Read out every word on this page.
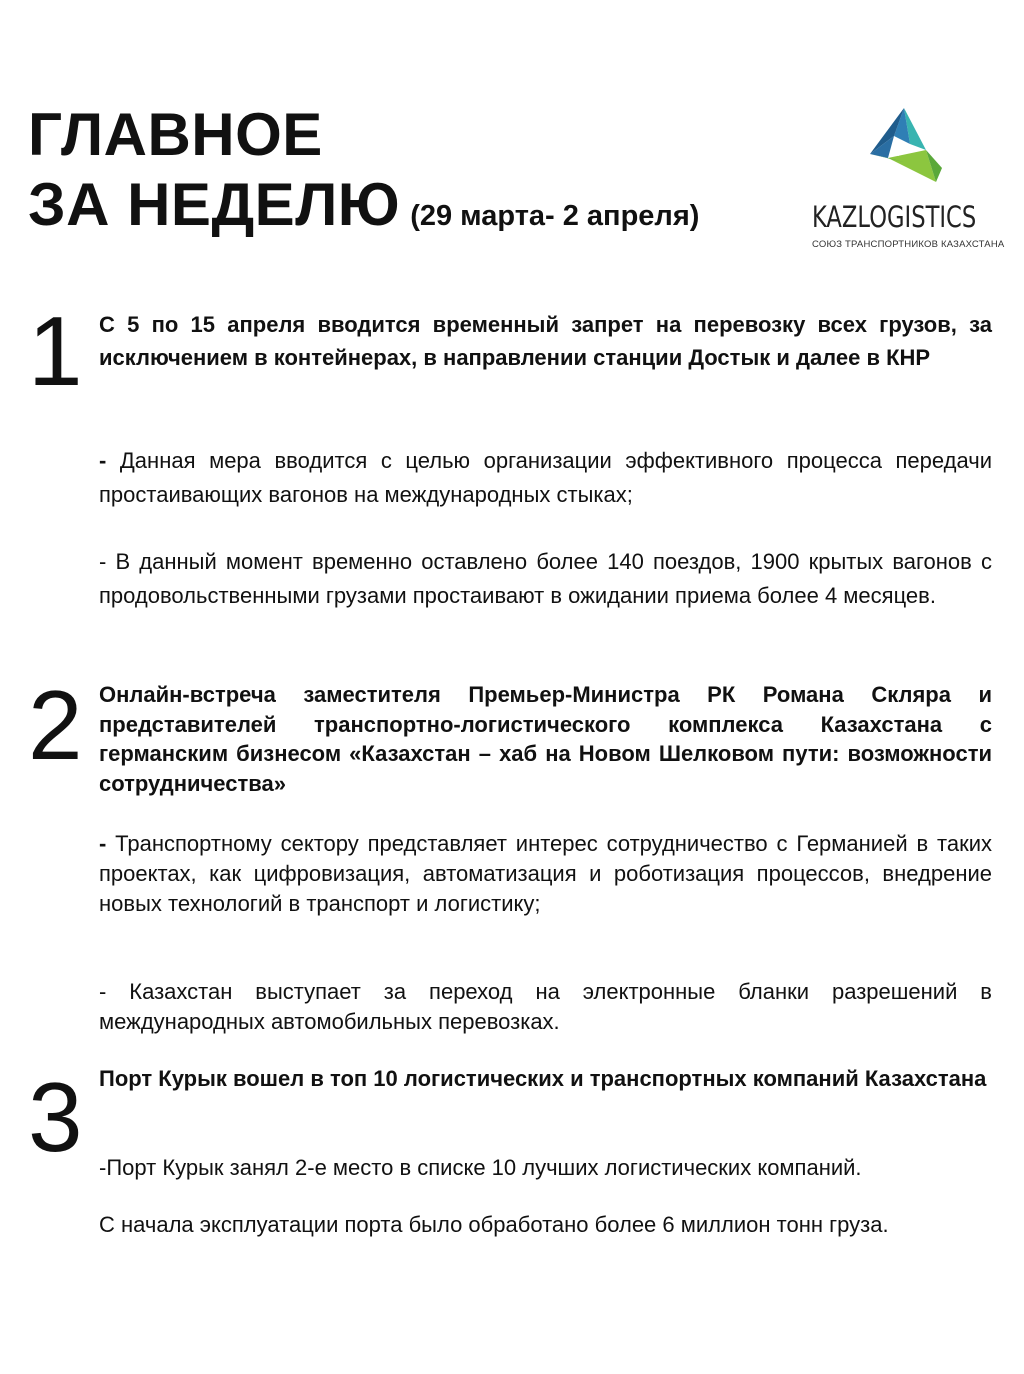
ГЛАВНОЕ
ЗА НЕДЕЛЮ (29 марта- 2 апреля)	KAZLOGISTICS
СОЮЗ ТРАНСПОРТНИКОВ КАЗАХСТАНА
1 С 5 по 15 апреля вводится временный запрет на перевозку всех грузов, за исключением в контейнерах, в направлении станции Достык и далее в КНР

- Данная мера вводится с целью организации эффективного процесса передачи простаивающих вагонов на международных стыках;

- В данный момент временно оставлено более 140 поездов, 1900 крытых вагонов с продовольственными грузами простаивают в ожидании приема более 4 месяцев.

2 Онлайн-встреча заместителя Премьер-Министра РК Романа Скляра и представителей транспортно-логистического комплекса Казахстана с германским бизнесом «Казахстан – хаб на Новом Шелковом пути: возможности сотрудничества»

- Транспортному сектору представляет интерес сотрудничество с Германией в таких проектах, как цифровизация, автоматизация и роботизация процессов, внедрение новых технологий в транспорт и логистику;

- Казахстан выступает за переход на электронные бланки разрешений в международных автомобильных перевозках.

3 Порт Курык вошел в топ 10 логистических и транспортных компаний Казахстана

-Порт Курык занял 2-е место в списке 10 лучших логистических компаний.

С начала эксплуатации порта было обработано более 6 миллион тонн груза.
